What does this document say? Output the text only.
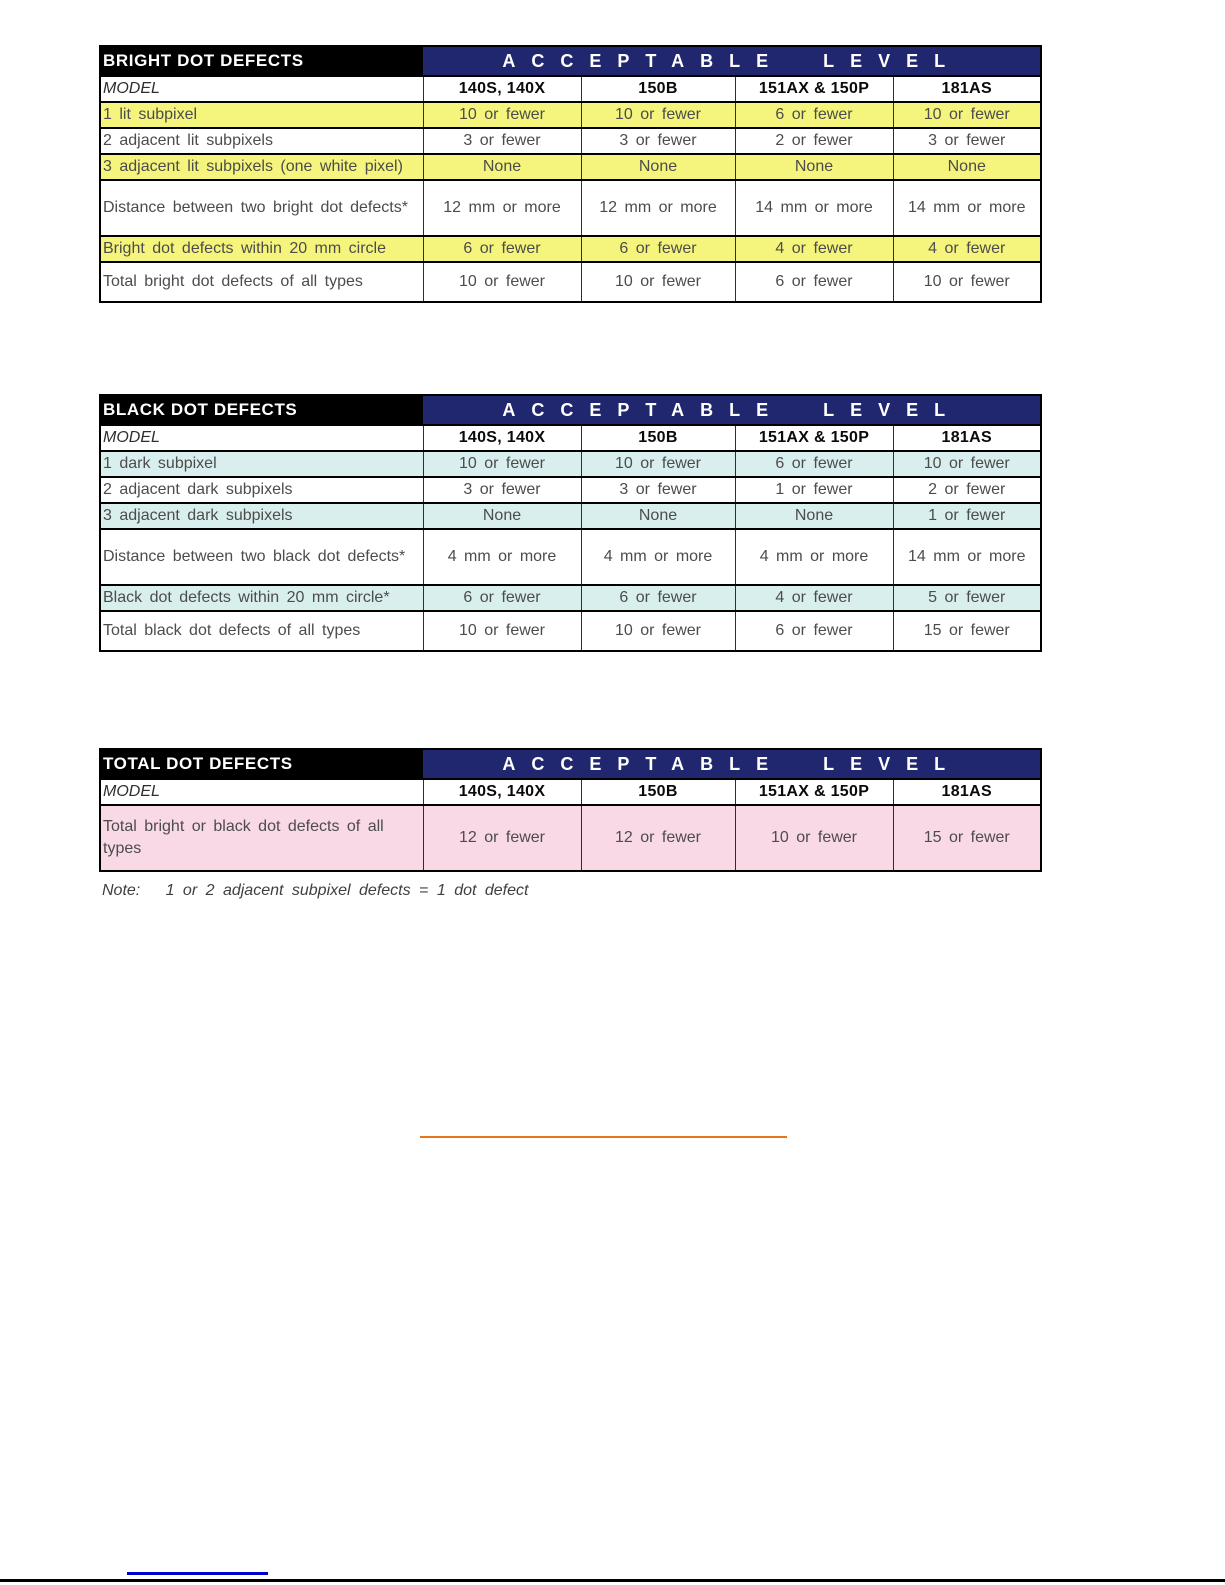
BRIGHT DOT DEFECTS	ACCEPTABLE LEVEL			
MODEL	140S, 140X	150B	151AX & 150P	181AS
1 lit subpixel	10 or fewer	10 or fewer	6 or fewer	10 or fewer
2 adjacent lit subpixels	3 or fewer	3 or fewer	2 or fewer	3 or fewer
3 adjacent lit subpixels (one white pixel)	None	None	None	None
Distance between two bright dot defects*	12 mm or more	12 mm or more	14 mm or more	14 mm or more
Bright dot defects within 20 mm circle	6 or fewer	6 or fewer	4 or fewer	4 or fewer
Total bright dot defects of all types	10 or fewer	10 or fewer	6 or fewer	10 or fewer
BLACK DOT DEFECTS	ACCEPTABLE LEVEL			
MODEL	140S, 140X	150B	151AX & 150P	181AS
1 dark subpixel	10 or fewer	10 or fewer	6 or fewer	10 or fewer
2 adjacent dark subpixels	3 or fewer	3 or fewer	1 or fewer	2 or fewer
3 adjacent dark subpixels	None	None	None	1 or fewer
Distance between two black dot defects*	4 mm or more	4 mm or more	4 mm or more	14 mm or more
Black dot defects within 20 mm circle*	6 or fewer	6 or fewer	4 or fewer	5 or fewer
Total black dot defects of all types	10 or fewer	10 or fewer	6 or fewer	15 or fewer
TOTAL DOT DEFECTS	ACCEPTABLE LEVEL			
MODEL	140S, 140X	150B	151AX & 150P	181AS
Total bright or black dot defects of all types	12 or fewer	12 or fewer	10 or fewer	15 or fewer
Note:   1 or 2 adjacent subpixel defects = 1 dot defect
